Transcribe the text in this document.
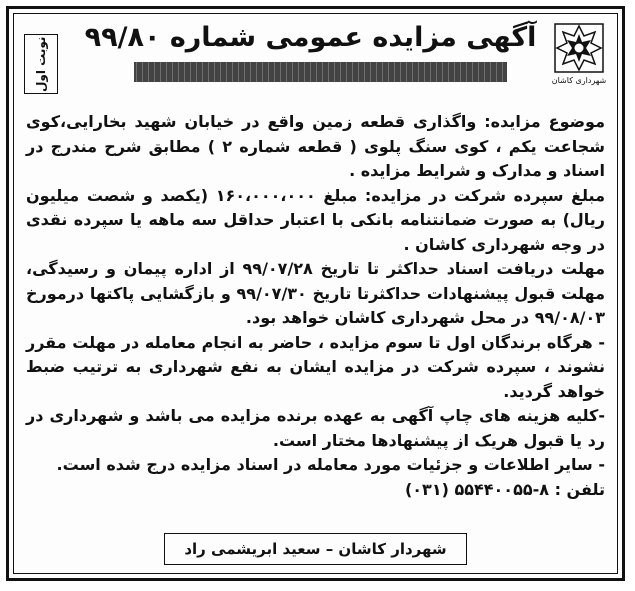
شهرداری کاشان
آگهی مزایده عمومی شماره ۹۹/۸۰
نوبت اول

موضوع مزایده: واگذاری قطعه زمین واقع در خیابان شهید بخارایی،کوی شجاعت یکم ، کوی سنگ پلوی ( قطعه شماره ۲ ) مطابق شرح مندرج در اسناد و مدارک و شرایط مزایده .

مبلغ سپرده شرکت در مزایده: مبلغ ۱۶۰،۰۰۰،۰۰۰ (یکصد و شصت میلیون ریال) به صورت ضمانتنامه بانکی با اعتبار حداقل سه ماهه یا سپرده نقدی در وجه شهرداری کاشان .

مهلت دریافت اسناد حداکثر تا تاریخ ۹۹/۰۷/۲۸ از اداره پیمان و رسیدگی، مهلت قبول پیشنهادات حداکثرتا تاریخ ۹۹/۰۷/۳۰ و بازگشایی پاکتها درمورخ ۹۹/۰۸/۰۳ در محل شهرداری کاشان خواهد بود.

- هرگاه برندگان اول تا سوم مزایده ، حاضر به انجام معامله در مهلت مقرر نشوند ، سپرده شرکت در مزایده ایشان به نفع شهرداری به ترتیب ضبط خواهد گردید.

-کلیه هزینه های چاپ آگهی به عهده برنده مزایده می باشد و شهرداری در رد یا قبول هریک از پیشنهادها مختار است.

- سایر اطلاعات و جزئیات مورد معامله در اسناد مزایده درج شده است.

تلفن : ۸-۵۵۴۴۰۰۵۵ (۰۳۱)

شهردار کاشان – سعید ابریشمی راد
